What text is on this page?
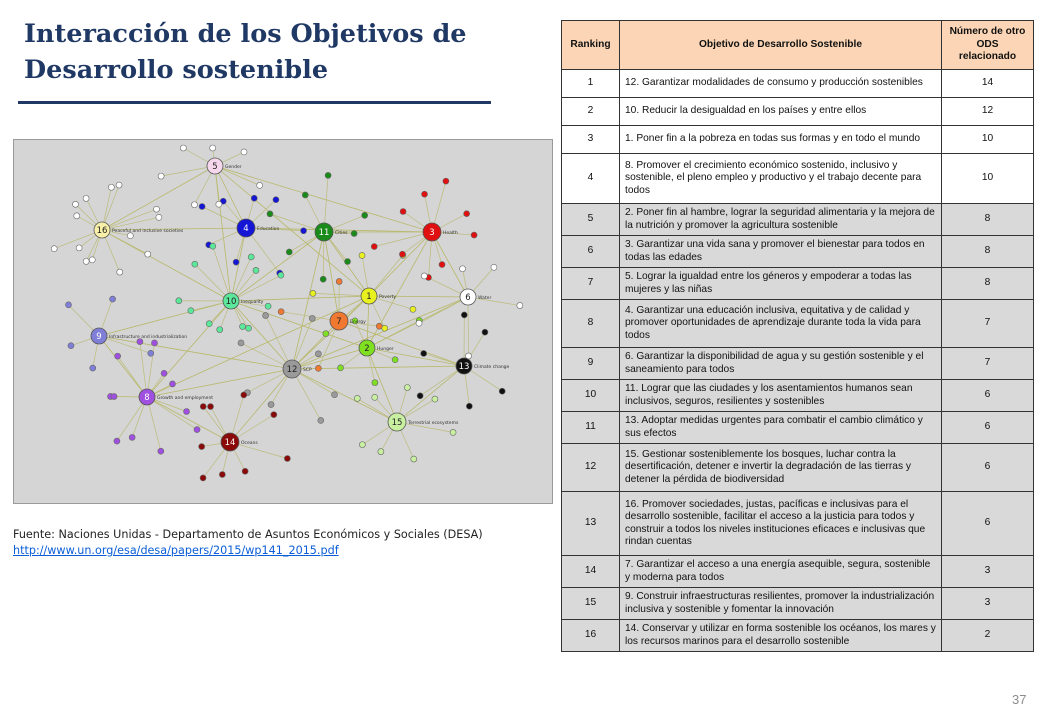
Interacción de los Objetivos de Desarrollo sostenible
5 Gender
16 Peaceful and inclusive societies	4 Education	11 Cities	3 Health
10 Inequality
1 Poverty	6 Water
7 Energy
2 Hunger
9 Infrastructure and industrialization
12 SCP	13 Climate change
8 Growth and employment
15 Terrestrial ecosystems
14 Oceans
Fuente: Naciones Unidas - Departamento de Asuntos Económicos y Sociales (DESA)
http://www.un.org/esa/desa/papers/2015/wp141_2015.pdf
Ranking	Objetivo de Desarrollo Sostenible	Número de otro ODS relacionado
1	12. Garantizar modalidades de consumo y producción sostenibles	14
2	10. Reducir la desigualdad en los países y entre ellos	12
3	1. Poner fin a la pobreza en todas sus formas y en todo el mundo	10
4	8. Promover el crecimiento económico sostenido, inclusivo y sostenible, el pleno empleo y productivo y el trabajo decente para todos	10
5	2. Poner fin al hambre, lograr la seguridad alimentaria y la mejora de la nutrición y promover la agricultura sostenible	8
6	3. Garantizar una vida sana y promover el bienestar para todos en todas las edades	8
7	5. Lograr la igualdad entre los géneros y empoderar a todas las mujeres y las niñas	8
8	4. Garantizar una educación inclusiva, equitativa y de calidad y promover oportunidades de aprendizaje durante toda la vida para todos	7
9	6. Garantizar la disponibilidad de agua y su gestión sostenible y el saneamiento para todos	7
10	11. Lograr que las ciudades y los asentamientos humanos sean inclusivos, seguros, resilientes y sostenibles	6
11	13. Adoptar medidas urgentes para combatir el cambio climático y sus efectos	6
12	15. Gestionar sosteniblemente los bosques, luchar contra la desertificación, detener e invertir la degradación de las tierras y detener la pérdida de biodiversidad	6
13	16. Promover sociedades, justas, pacíficas e inclusivas para el desarrollo sostenible, facilitar el acceso a la justicia para todos y construir a todos los niveles instituciones eficaces e inclusivas que rindan cuentas	6
14	7. Garantizar el acceso a una energía asequible, segura, sostenible y moderna para todos	3
15	9. Construir infraestructuras resilientes, promover la industrialización inclusiva y sostenible y fomentar la innovación	3
16	14. Conservar y utilizar en forma sostenible los océanos, los mares y los recursos marinos para el desarrollo sostenible	2
37
